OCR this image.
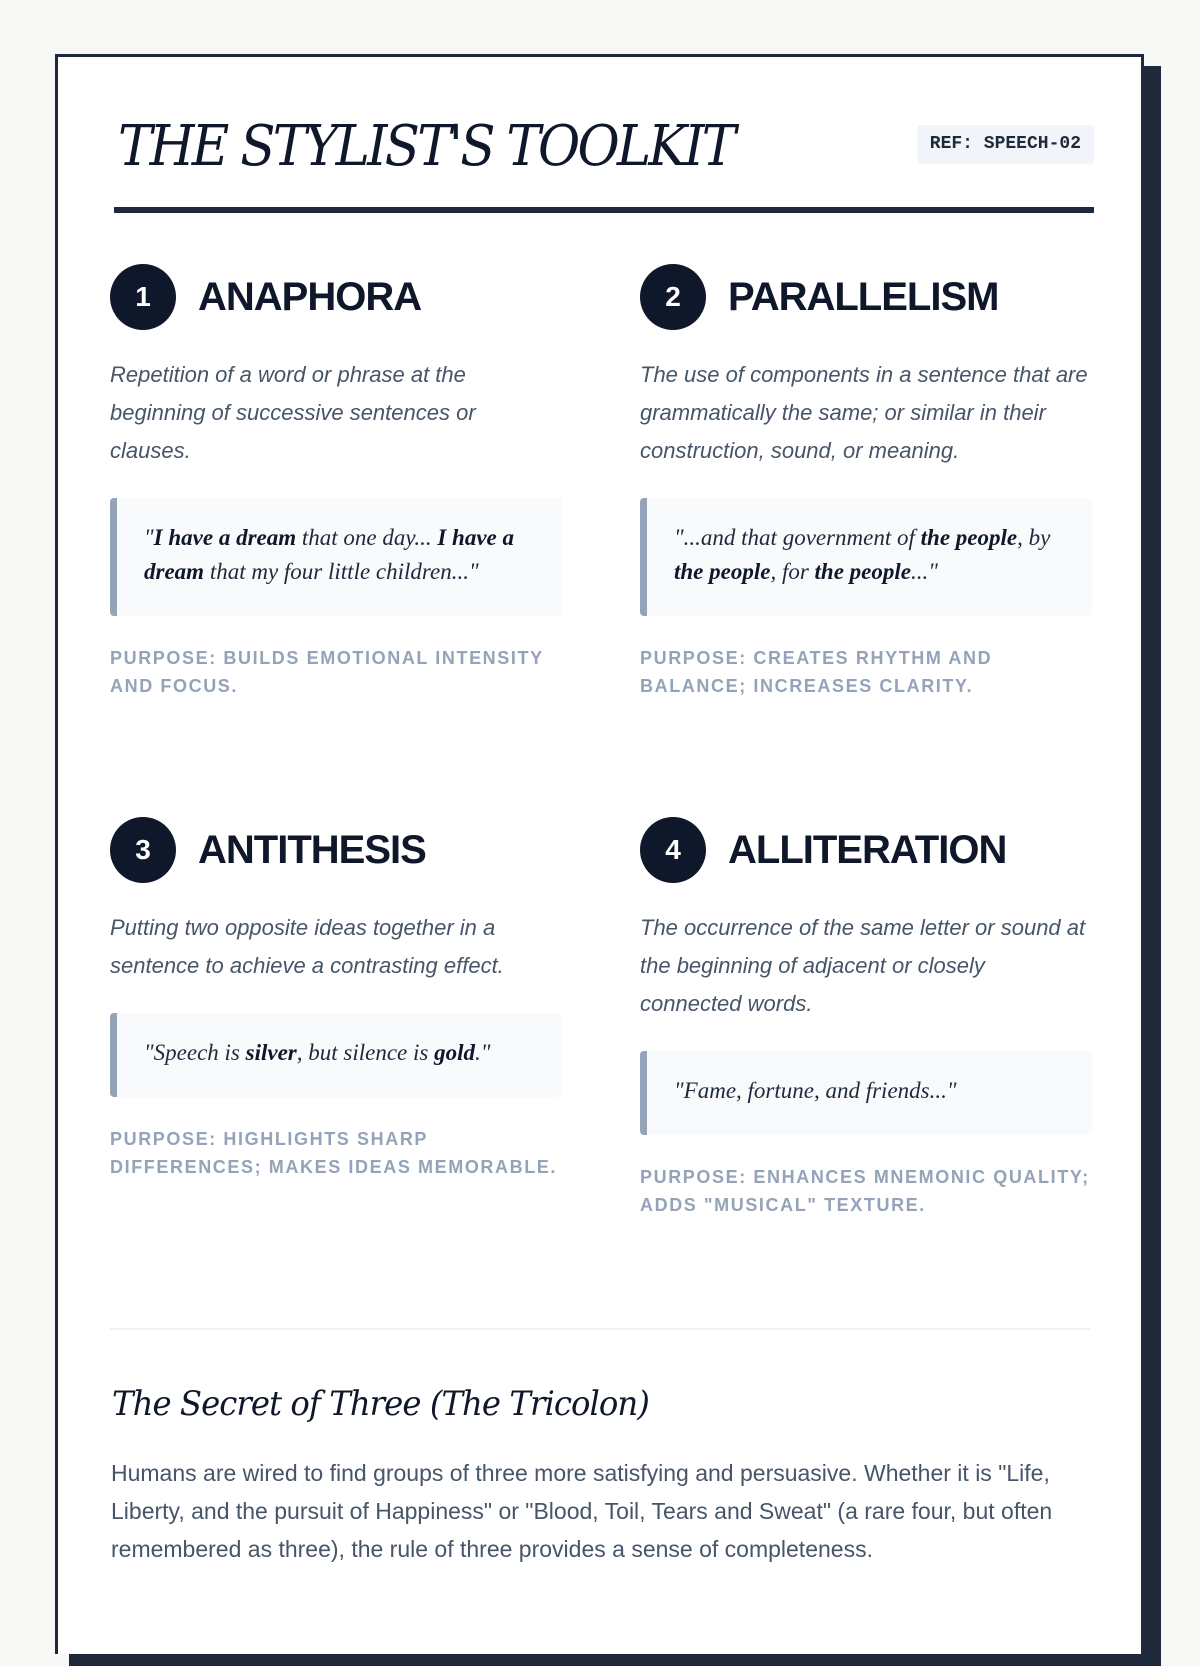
THE STYLIST'S TOOLKIT	REF: SPEECH-02
1	ANAPHORA
Repetition of a word or phrase at the beginning of successive sentences or clauses.
"I have a dream that one day... I have a dream that my four little children..."
PURPOSE: BUILDS EMOTIONAL INTENSITY AND FOCUS.
2	PARALLELISM
The use of components in a sentence that are grammatically the same; or similar in their construction, sound, or meaning.
"...and that government of the people, by the people, for the people..."
PURPOSE: CREATES RHYTHM AND BALANCE; INCREASES CLARITY.
3	ANTITHESIS
Putting two opposite ideas together in a sentence to achieve a contrasting effect.
"Speech is silver, but silence is gold."
PURPOSE: HIGHLIGHTS SHARP DIFFERENCES; MAKES IDEAS MEMORABLE.
4	ALLITERATION
The occurrence of the same letter or sound at the beginning of adjacent or closely connected words.
"Fame, fortune, and friends..."
PURPOSE: ENHANCES MNEMONIC QUALITY; ADDS "MUSICAL" TEXTURE.
The Secret of Three (The Tricolon)
Humans are wired to find groups of three more satisfying and persuasive. Whether it is "Life, Liberty, and the pursuit of Happiness" or "Blood, Toil, Tears and Sweat" (a rare four, but often remembered as three), the rule of three provides a sense of completeness.
